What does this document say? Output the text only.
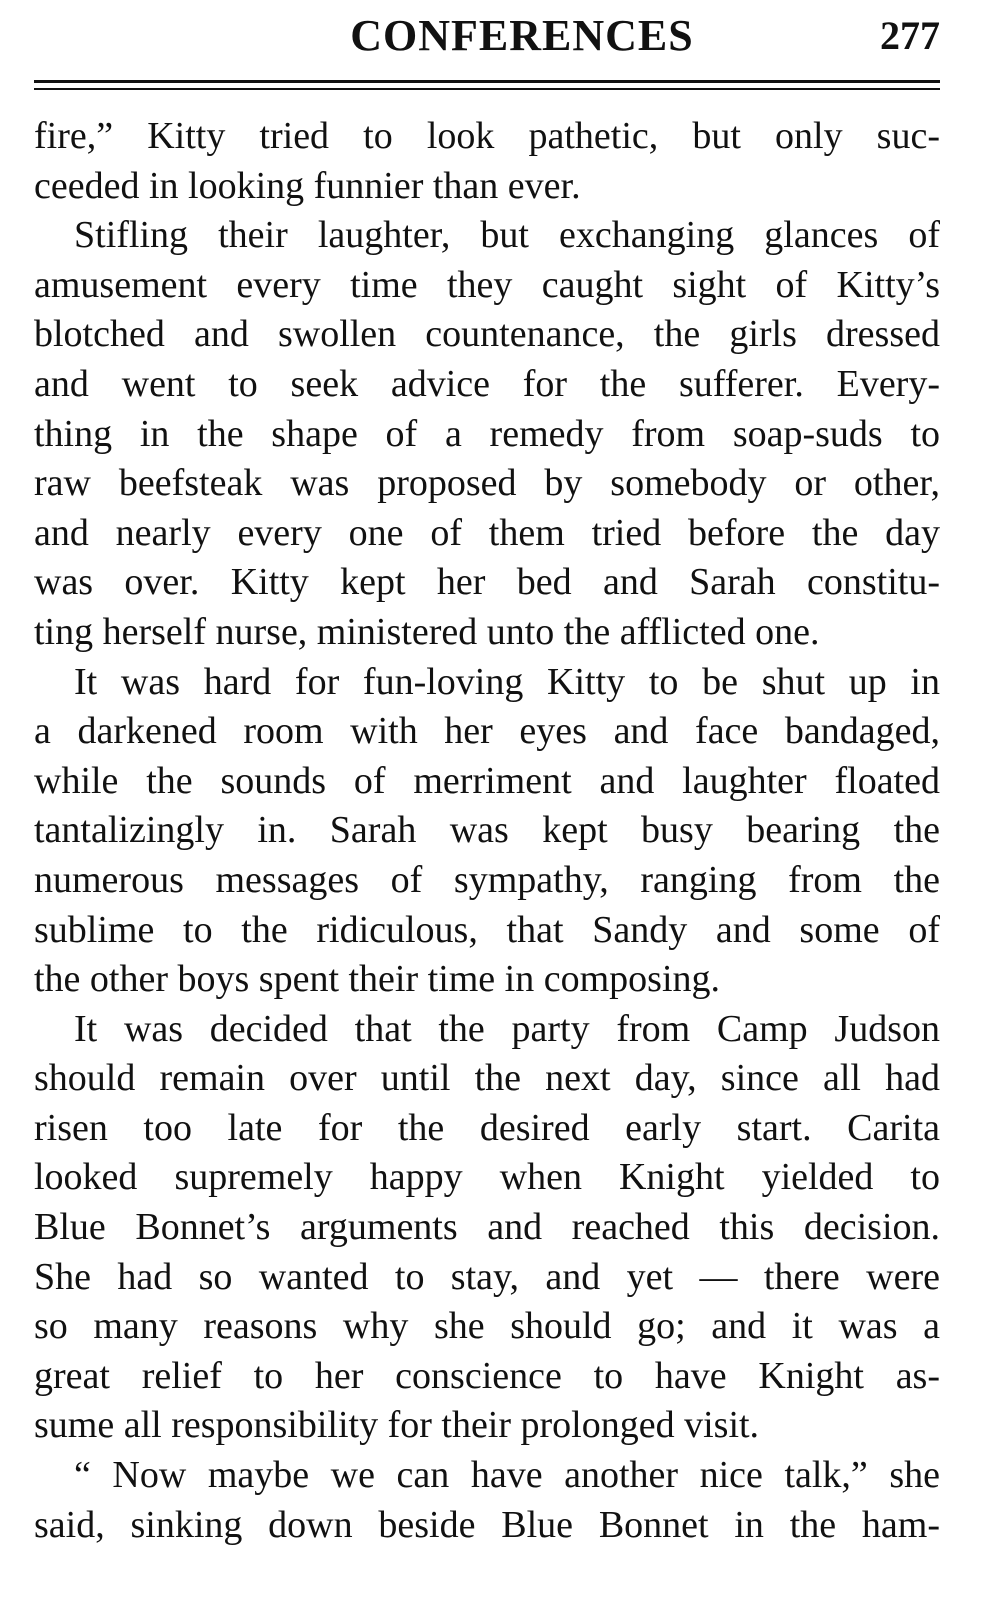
CONFERENCES	277

fire,” Kitty tried to look pathetic, but only suc-
ceeded in looking funnier than ever.

Stifling their laughter, but exchanging glances of
amusement every time they caught sight of Kitty’s
blotched and swollen countenance, the girls dressed
and went to seek advice for the sufferer. Every-
thing in the shape of a remedy from soap-suds to
raw beefsteak was proposed by somebody or other,
and nearly every one of them tried before the day
was over. Kitty kept her bed and Sarah constitu-
ting herself nurse, ministered unto the afflicted one.

It was hard for fun-loving Kitty to be shut up in
a darkened room with her eyes and face bandaged,
while the sounds of merriment and laughter floated
tantalizingly in. Sarah was kept busy bearing the
numerous messages of sympathy, ranging from the
sublime to the ridiculous, that Sandy and some of
the other boys spent their time in composing.

It was decided that the party from Camp Judson
should remain over until the next day, since all had
risen too late for the desired early start. Carita
looked supremely happy when Knight yielded to
Blue Bonnet’s arguments and reached this decision.
She had so wanted to stay, and yet — there were
so many reasons why she should go; and it was a
great relief to her conscience to have Knight as-
sume all responsibility for their prolonged visit.

“ Now maybe we can have another nice talk,” she
said, sinking down beside Blue Bonnet in the ham-
